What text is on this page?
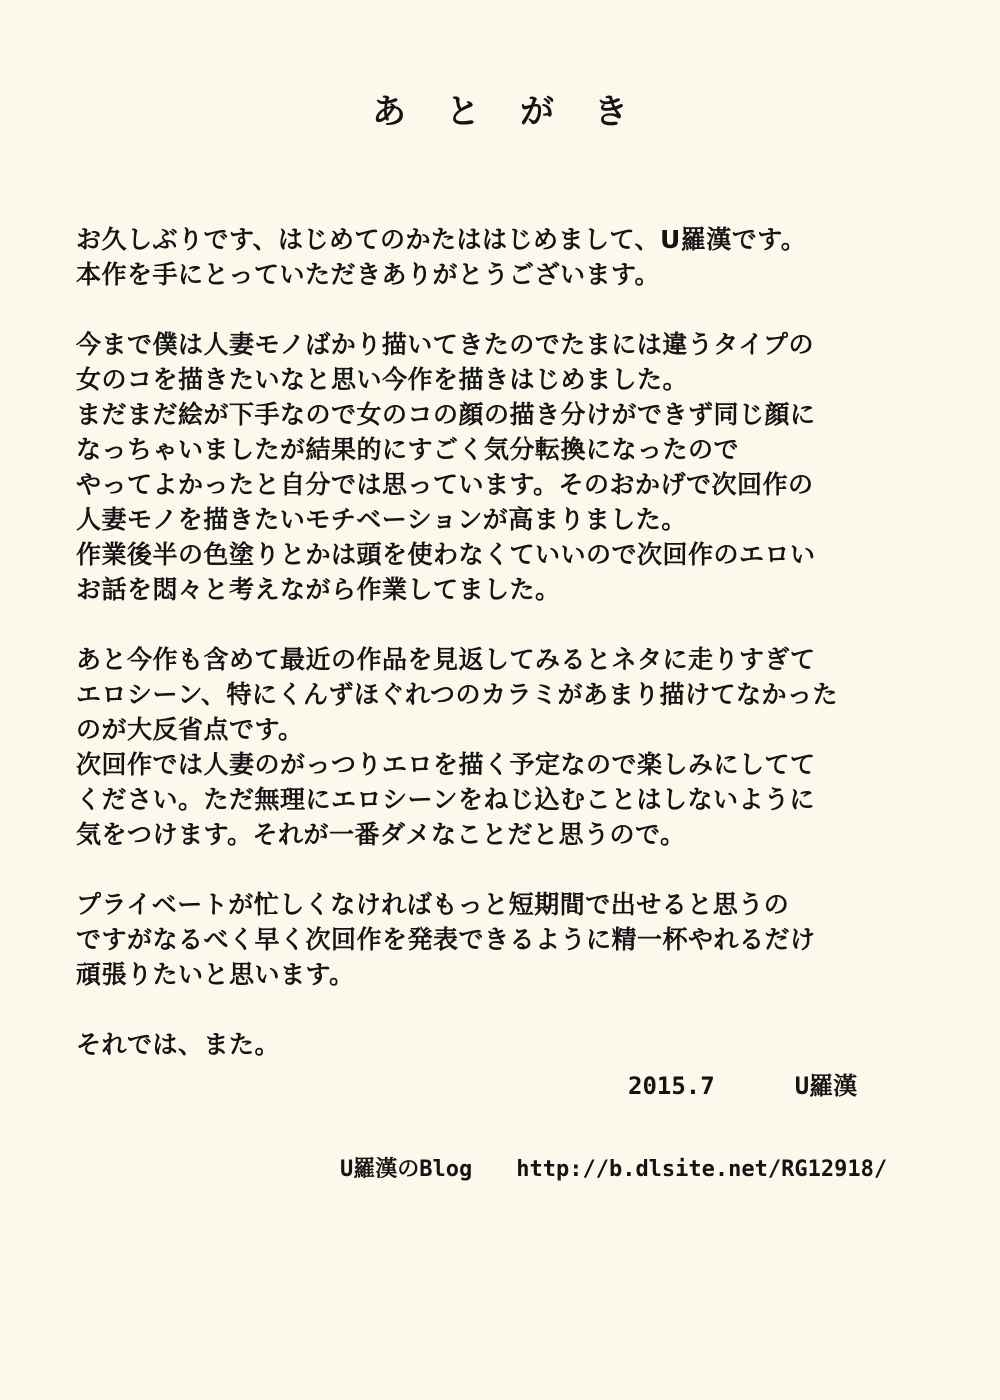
あとがき
お久しぶりです、はじめてのかたははじめまして、U羅漢です。
本作を手にとっていただきありがとうございます。
今まで僕は人妻モノばかり描いてきたのでたまには違うタイプの
女のコを描きたいなと思い今作を描きはじめました。
まだまだ絵が下手なので女のコの顔の描き分けができず同じ顔に
なっちゃいましたが結果的にすごく気分転換になったので
やってよかったと自分では思っています。そのおかげで次回作の
人妻モノを描きたいモチベーションが高まりました。
作業後半の色塗りとかは頭を使わなくていいので次回作のエロい
お話を悶々と考えながら作業してました。
あと今作も含めて最近の作品を見返してみるとネタに走りすぎて
エロシーン、特にくんずほぐれつのカラミがあまり描けてなかった
のが大反省点です。
次回作では人妻のがっつりエロを描く予定なので楽しみにしてて
ください。ただ無理にエロシーンをねじ込むことはしないように
気をつけます。それが一番ダメなことだと思うので。
プライベートが忙しくなければもっと短期間で出せると思うの
ですがなるべく早く次回作を発表できるように精一杯やれるだけ
頑張りたいと思います。
それでは、また。
2015.7	U羅漢
U羅漢のBlog http://b.dlsite.net/RG12918/
